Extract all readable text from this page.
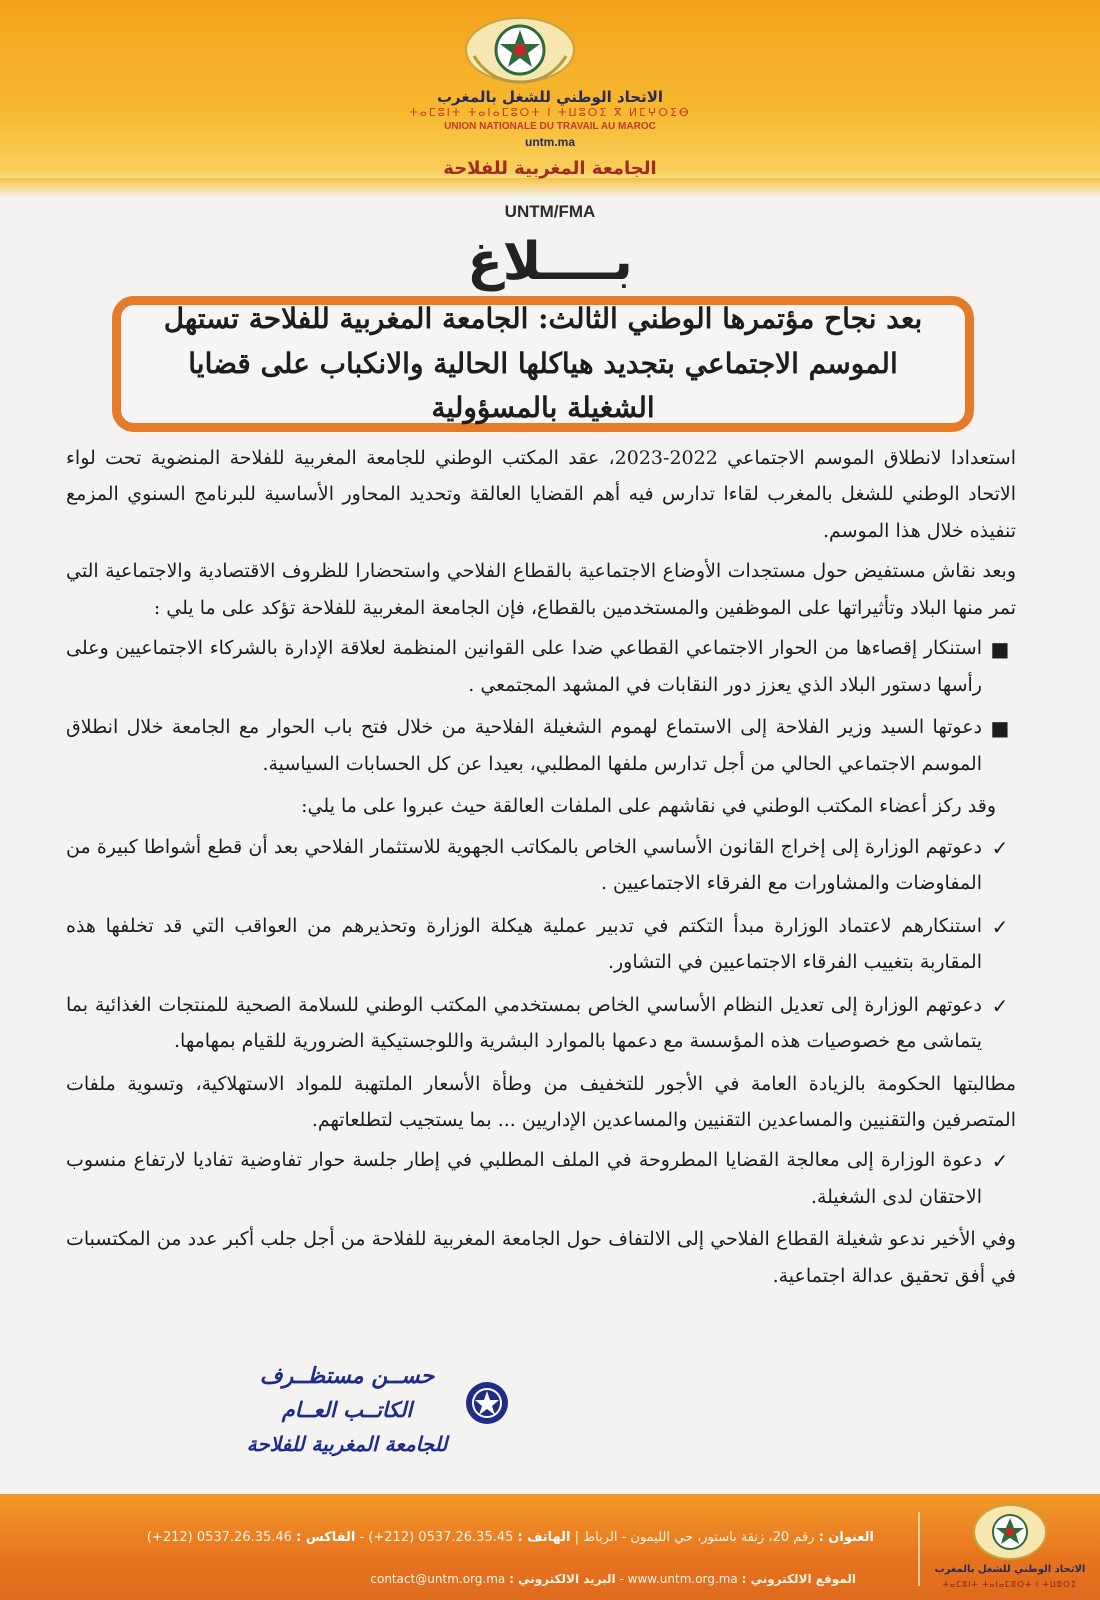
الاتحاد الوطني للشغل بالمغرب
ⵜⴰⵎⵓⵏⵜ ⵜⴰⵏⴰⵎⵓⵔⵜ ⵏ ⵜⵡⵓⵔⵉ ⴳ ⵍⵎⵖⵔⵉⴱ
UNION NATIONALE DU TRAVAIL AU MAROC
untm.ma
الجامعة المغربية للفلاحة
UNTM/FMA
بــــلاغ
بعد نجاح مؤتمرها الوطني الثالث: الجامعة المغربية للفلاحة تستهل الموسم الاجتماعي بتجديد هياكلها الحالية والانكباب على قضايا الشغيلة بالمسؤولية

استعدادا لانطلاق الموسم الاجتماعي 2022-2023، عقد المكتب الوطني للجامعة المغربية للفلاحة المنضوية تحت لواء الاتحاد الوطني للشغل بالمغرب لقاءا تدارس فيه أهم القضايا العالقة وتحديد المحاور الأساسية للبرنامج السنوي المزمع تنفيذه خلال هذا الموسم.

وبعد نقاش مستفيض حول مستجدات الأوضاع الاجتماعية بالقطاع الفلاحي واستحضارا للظروف الاقتصادية والاجتماعية التي تمر منها البلاد وتأثيراتها على الموظفين والمستخدمين بالقطاع، فإن الجامعة المغربية للفلاحة تؤكد على ما يلي :

■
استنكار إقصاءها من الحوار الاجتماعي القطاعي ضدا على القوانين المنظمة لعلاقة الإدارة بالشركاء الاجتماعيين وعلى رأسها دستور البلاد الذي يعزز دور النقابات في المشهد المجتمعي .
■
دعوتها السيد وزير الفلاحة إلى الاستماع لهموم الشغيلة الفلاحية من خلال فتح باب الحوار مع الجامعة خلال انطلاق الموسم الاجتماعي الحالي من أجل تدارس ملفها المطلبي، بعيدا عن كل الحسابات السياسية.

وقد ركز أعضاء المكتب الوطني في نقاشهم على الملفات العالقة حيث عبروا على ما يلي:

✓
دعوتهم الوزارة إلى إخراج القانون الأساسي الخاص بالمكاتب الجهوية للاستثمار الفلاحي بعد أن قطع أشواطا كبيرة من المفاوضات والمشاورات مع الفرقاء الاجتماعيين .
✓
استنكارهم لاعتماد الوزارة مبدأ التكتم في تدبير عملية هيكلة الوزارة وتحذيرهم من العواقب التي قد تخلفها هذه المقاربة بتغييب الفرقاء الاجتماعيين في التشاور.
✓
دعوتهم الوزارة إلى تعديل النظام الأساسي الخاص بمستخدمي المكتب الوطني للسلامة الصحية للمنتجات الغذائية بما يتماشى مع خصوصيات هذه المؤسسة مع دعمها بالموارد البشرية واللوجستيكية الضرورية للقيام بمهامها.

مطالبتها الحكومة بالزيادة العامة في الأجور للتخفيف من وطأة الأسعار الملتهبة للمواد الاستهلاكية، وتسوية ملفات المتصرفين والتقنيين والمساعدين التقنيين والمساعدين الإداريين ... بما يستجيب لتطلعاتهم.

✓
دعوة الوزارة إلى معالجة القضايا المطروحة في الملف المطلبي في إطار جلسة حوار تفاوضية تفاديا لارتفاع منسوب الاحتقان لدى الشغيلة.

وفي الأخير ندعو شغيلة القطاع الفلاحي إلى الالتفاف حول الجامعة المغربية للفلاحة من أجل جلب أكبر عدد من المكتسبات في أفق تحقيق عدالة اجتماعية.

حســن مستظــرف
الكاتــب العــام
للجامعة المغربية للفلاحة
العنوان : رقم 20، زنقة باستور، حي الليمون - الرباط | الهاتف : (+212) 0537.26.35.45 - الفاكس : (+212) 0537.26.35.46
الموقع الالكتروني : www.untm.org.ma - البريد الالكتروني : contact@untm.org.ma
الاتحاد الوطني للشغل بالمغرب
ⵜⴰⵎⵓⵏⵜ ⵜⴰⵏⴰⵎⵓⵔⵜ ⵏ ⵜⵡⵓⵔⵉ
